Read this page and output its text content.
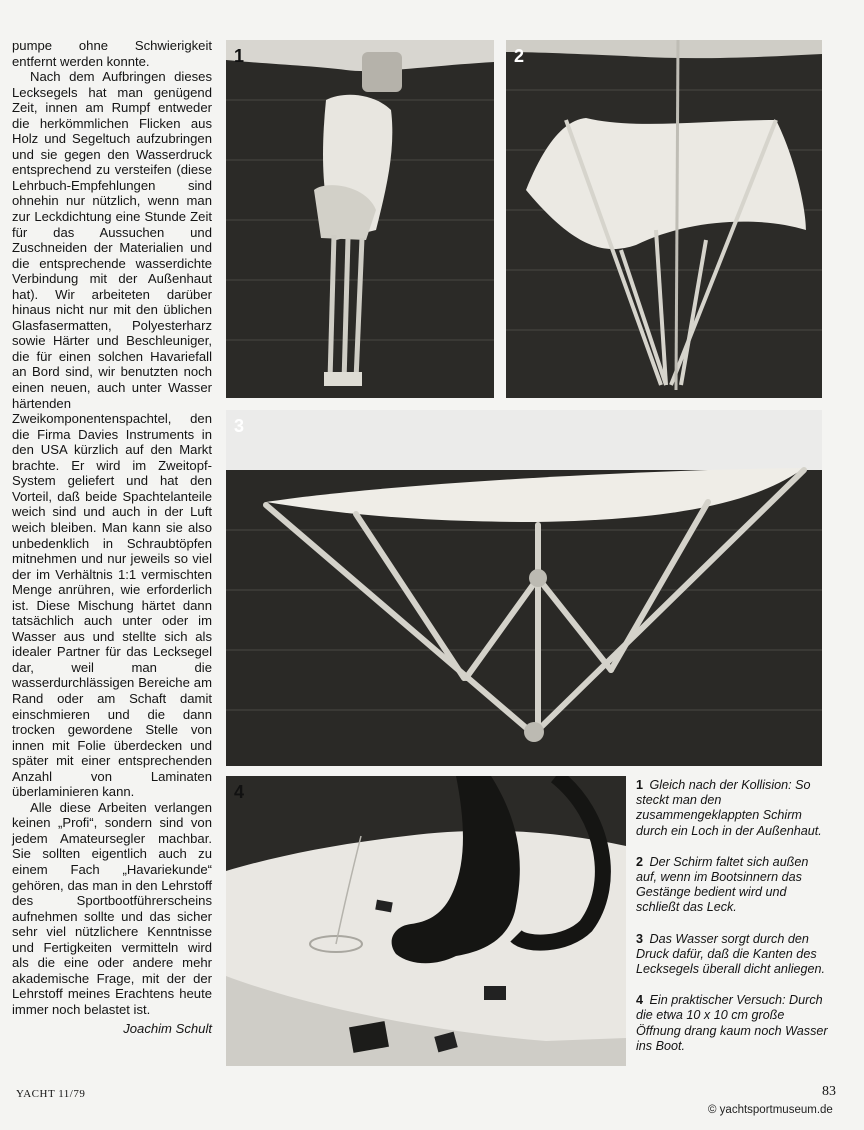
pumpe ohne Schwierigkeit entfernt werden konnte.

Nach dem Aufbringen dieses Lecksegels hat man genügend Zeit, innen am Rumpf entweder die herkömmlichen Flicken aus Holz und Segeltuch aufzubringen und sie gegen den Wasserdruck entsprechend zu versteifen (diese Lehrbuch-Empfehlungen sind ohnehin nur nützlich, wenn man zur Leckdichtung eine Stunde Zeit für das Aussuchen und Zuschneiden der Materialien und die entsprechende wasserdichte Verbindung mit der Außenhaut hat). Wir arbeiteten darüber hinaus nicht nur mit den üblichen Glasfasermatten, Polyesterharz sowie Härter und Beschleuniger, die für einen solchen Havariefall an Bord sind, wir benutzten noch einen neuen, auch unter Wasser härtenden Zweikomponentenspachtel, den die Firma Davies Instruments in den USA kürzlich auf den Markt brachte. Er wird im Zweitopf-System geliefert und hat den Vorteil, daß beide Spachtelanteile weich sind und auch in der Luft weich bleiben. Man kann sie also unbedenklich in Schraubtöpfen mitnehmen und nur jeweils so viel der im Verhältnis 1:1 vermischten Menge anrühren, wie erforderlich ist. Diese Mischung härtet dann tatsächlich auch unter oder im Wasser aus und stellte sich als idealer Partner für das Lecksegel dar, weil man die wasserdurchlässigen Bereiche am Rand oder am Schaft damit einschmieren und die dann trocken gewordene Stelle von innen mit Folie überdecken und später mit einer entsprechenden Anzahl von Laminaten überlaminieren kann.

Alle diese Arbeiten verlangen keinen „Profi“, sondern sind von jedem Amateursegler machbar. Sie sollten eigentlich auch zu einem Fach „Havariekunde“ gehören, das man in den Lehrstoff des Sportbootführerscheins aufnehmen sollte und das sicher sehr viel nützlichere Kenntnisse und Fertigkeiten vermitteln wird als die eine oder andere mehr akademische Frage, mit der der Lehrstoff meines Erachtens heute immer noch belastet ist.

Joachim Schult
1	2
3
4	1 Gleich nach der Kollision: So steckt man den zusammengeklappten Schirm durch ein Loch in der Außenhaut.

2 Der Schirm faltet sich außen auf, wenn im Bootsinnern das Gestänge bedient wird und schließt das Leck.

3 Das Wasser sorgt durch den Druck dafür, daß die Kanten des Lecksegels überall dicht anliegen.

4 Ein praktischer Versuch: Durch die etwa 10 x 10 cm große Öffnung drang kaum noch Wasser ins Boot.

YACHT 11/79	83
© yachtsportmuseum.de
